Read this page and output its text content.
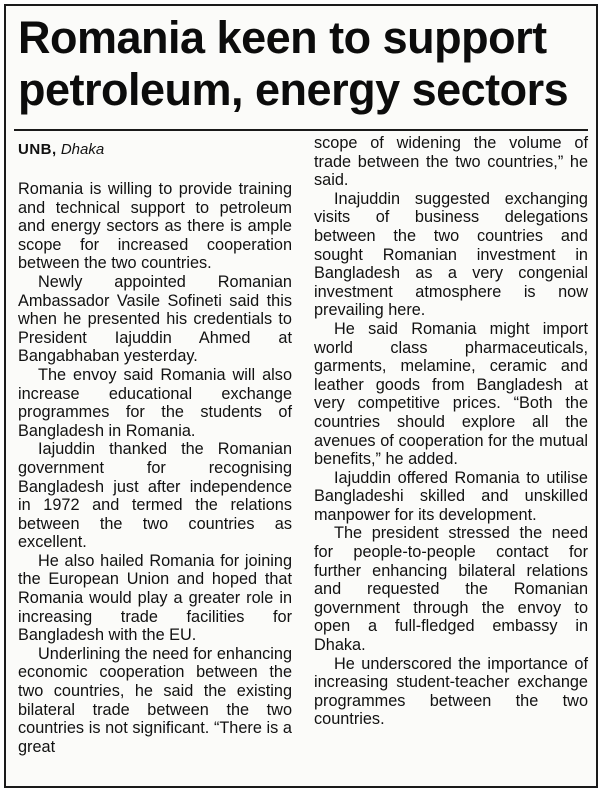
Romania keen to support
petroleum, energy sectors
UNB, Dhaka

Romania is willing to provide training and technical support to petroleum and energy sectors as there is ample scope for increased cooperation between the two countries.

Newly appointed Romanian Ambassador Vasile Sofineti said this when he presented his credentials to President Iajuddin Ahmed at Bangabhaban yesterday.

The envoy said Romania will also increase educational exchange programmes for the students of Bangladesh in Romania.

Iajuddin thanked the Romanian government for recognising Bangladesh just after independence in 1972 and termed the relations between the two countries as excellent.

He also hailed Romania for joining the European Union and hoped that Romania would play a greater role in increasing trade facilities for Bangladesh with the EU.

Underlining the need for enhancing economic cooperation between the two countries, he said the existing bilateral trade between the two countries is not significant. “There is a great

scope of widening the volume of trade between the two countries,” he said.

Inajuddin suggested exchanging visits of business delegations between the two countries and sought Romanian investment in Bangladesh as a very congenial investment atmosphere is now prevailing here.

He said Romania might import world class pharmaceuticals, garments, melamine, ceramic and leather goods from Bangladesh at very competitive prices. “Both the countries should explore all the avenues of cooperation for the mutual benefits,” he added.

Iajuddin offered Romania to utilise Bangladeshi skilled and unskilled manpower for its development.

The president stressed the need for people-to-people contact for further enhancing bilateral relations and requested the Romanian government through the envoy to open a full-fledged embassy in Dhaka.

He underscored the importance of increasing student-teacher exchange programmes between the two countries.
